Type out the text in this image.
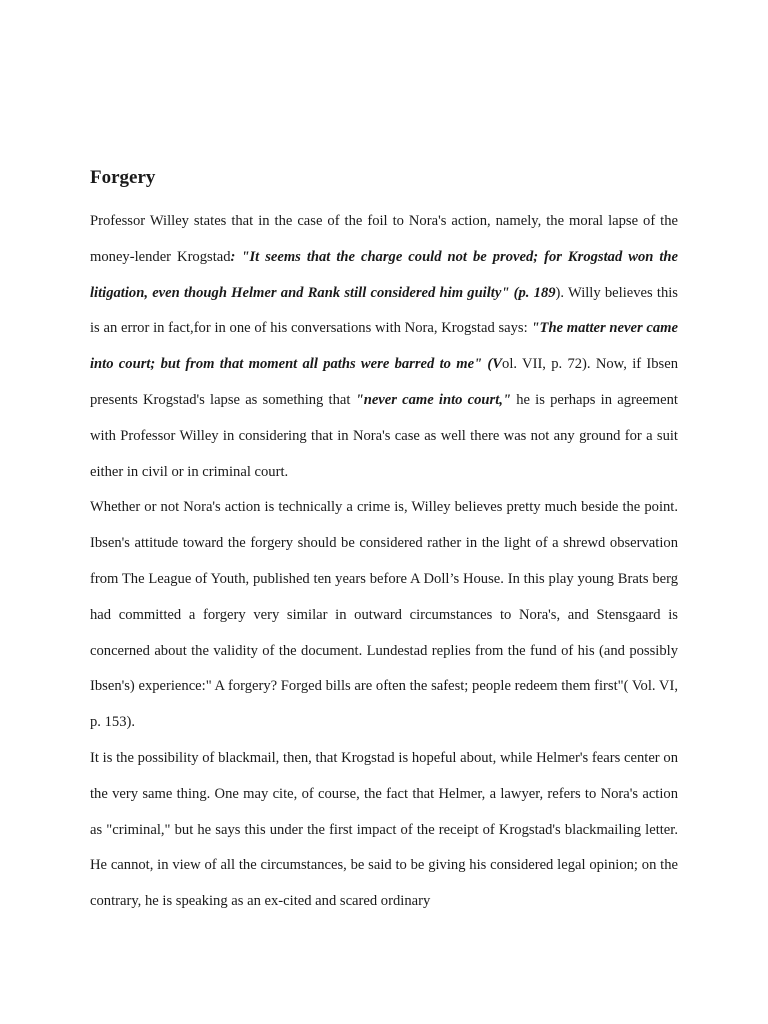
Forgery

Professor Willey states that in the case of the foil to Nora's action, namely, the moral lapse of the money-lender Krogstad: "It seems that the charge could not be proved; for Krogstad won the litigation, even though Helmer and Rank still considered him guilty" (p. 189). Willy believes this is an error in fact,for in one of his conversations with Nora, Krogstad says: "The matter never came into court; but from that moment all paths were barred to me" (Vol. VII, p. 72). Now, if Ibsen presents Krogstad's lapse as something that "never came into court," he is perhaps in agreement with Professor Willey in considering that in Nora's case as well there was not any ground for a suit either in civil or in criminal court.

Whether or not Nora's action is technically a crime is, Willey believes pretty much beside the point. Ibsen's attitude toward the forgery should be considered rather in the light of a shrewd observation from The League of Youth, published ten years before A Doll’s House. In this play young Brats berg had committed a forgery very similar in outward circumstances to Nora's, and Stensgaard is concerned about the validity of the document. Lundestad replies from the fund of his (and possibly Ibsen's) experience:" A forgery? Forged bills are often the safest; people redeem them first"( Vol. VI, p. 153).

It is the possibility of blackmail, then, that Krogstad is hopeful about, while Helmer's fears center on the very same thing. One may cite, of course, the fact that Helmer, a lawyer, refers to Nora's action as "criminal," but he says this under the first impact of the receipt of Krogstad's blackmailing letter. He cannot, in view of all the circumstances, be said to be giving his considered legal opinion; on the contrary, he is speaking as an ex-cited and scared ordinary
